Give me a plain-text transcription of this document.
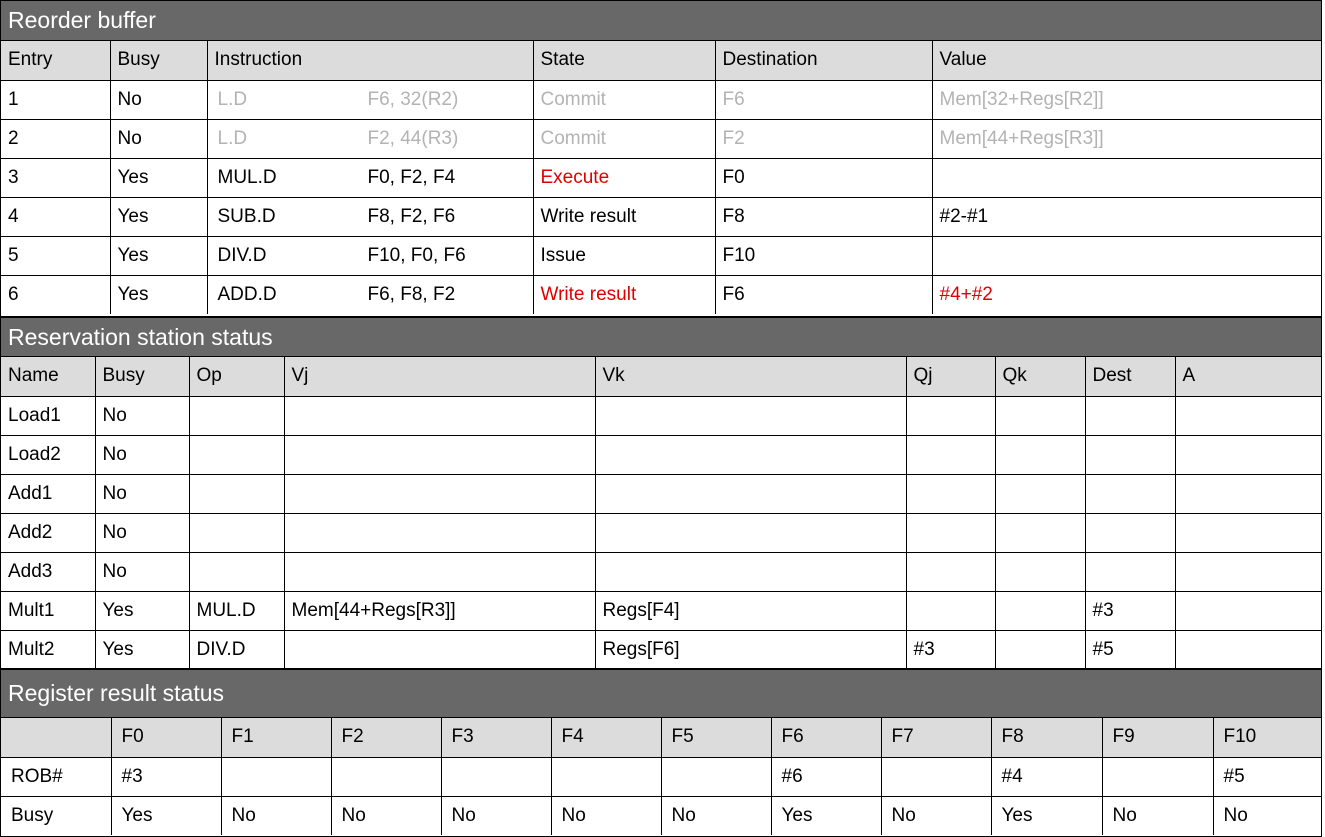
Reorder buffer
Entry	Busy	Instruction	State	Destination	Value
1	No	L.D F6, 32(R2)	Commit	F6	Mem[32+Regs[R2]]
2	No	L.D F2, 44(R3)	Commit	F2	Mem[44+Regs[R3]]
3	Yes	MUL.D F0, F2, F4	Execute	F0	
4	Yes	SUB.D F8, F2, F6	Write result	F8	#2-#1
5	Yes	DIV.D F10, F0, F6	Issue	F10	
6	Yes	ADD.D F6, F8, F2	Write result	F6	#4+#2
Reservation station status
Name	Busy	Op	Vj	Vk	Qj	Qk	Dest	A
Load1	No							
Load2	No							
Add1	No							
Add2	No							
Add3	No							
Mult1	Yes	MUL.D	Mem[44+Regs[R3]]	Regs[F4]			#3	
Mult2	Yes	DIV.D		Regs[F6]	#3		#5	
Register result status
	F0	F1	F2	F3	F4	F5	F6	F7	F8	F9	F10
ROB#	#3						#6		#4		#5
Busy	Yes	No	No	No	No	No	Yes	No	Yes	No	No
